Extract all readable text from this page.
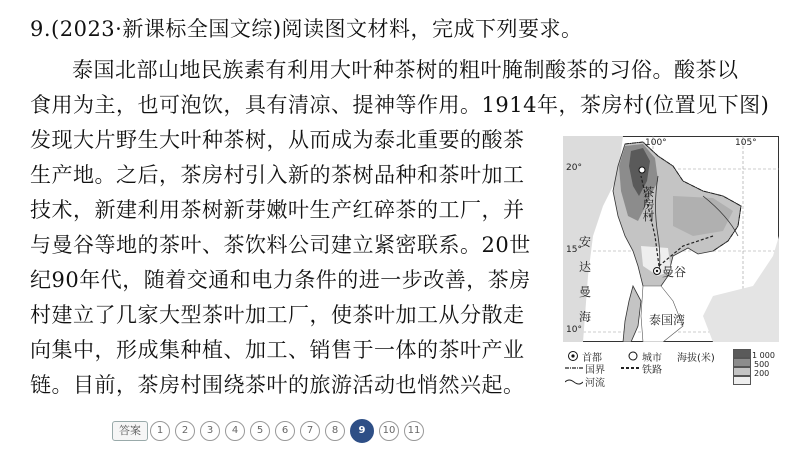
9.(2023·新课标全国文综)阅读图文材料，完成下列要求。
泰国北部山地民族素有利用大叶种茶树的粗叶腌制酸茶的习俗。酸茶以
食用为主，也可泡饮，具有清凉、提神等作用。1914年，茶房村(位置见下图)
发现大片野生大叶种茶树，从而成为泰北重要的酸茶
生产地。之后，茶房村引入新的茶树品种和茶叶加工
技术，新建利用茶树新芽嫩叶生产红碎茶的工厂，并
与曼谷等地的茶叶、茶饮料公司建立紧密联系。20世
纪90年代，随着交通和电力条件的进一步改善，茶房
村建立了几家大型茶叶加工厂，使茶叶加工从分散走
向集中，形成集种植、加工、销售于一体的茶叶产业
链。目前，茶房村围绕茶叶的旅游活动也悄然兴起。
100°	105°
20°
15°
10°
茶房村
曼谷
安
达
曼
海	泰国湾
首都	城市 海拔(米)	1 000
500
200
国界	铁路
河流
答案	1	2	3	4	5	6	7	8	9	10	11
